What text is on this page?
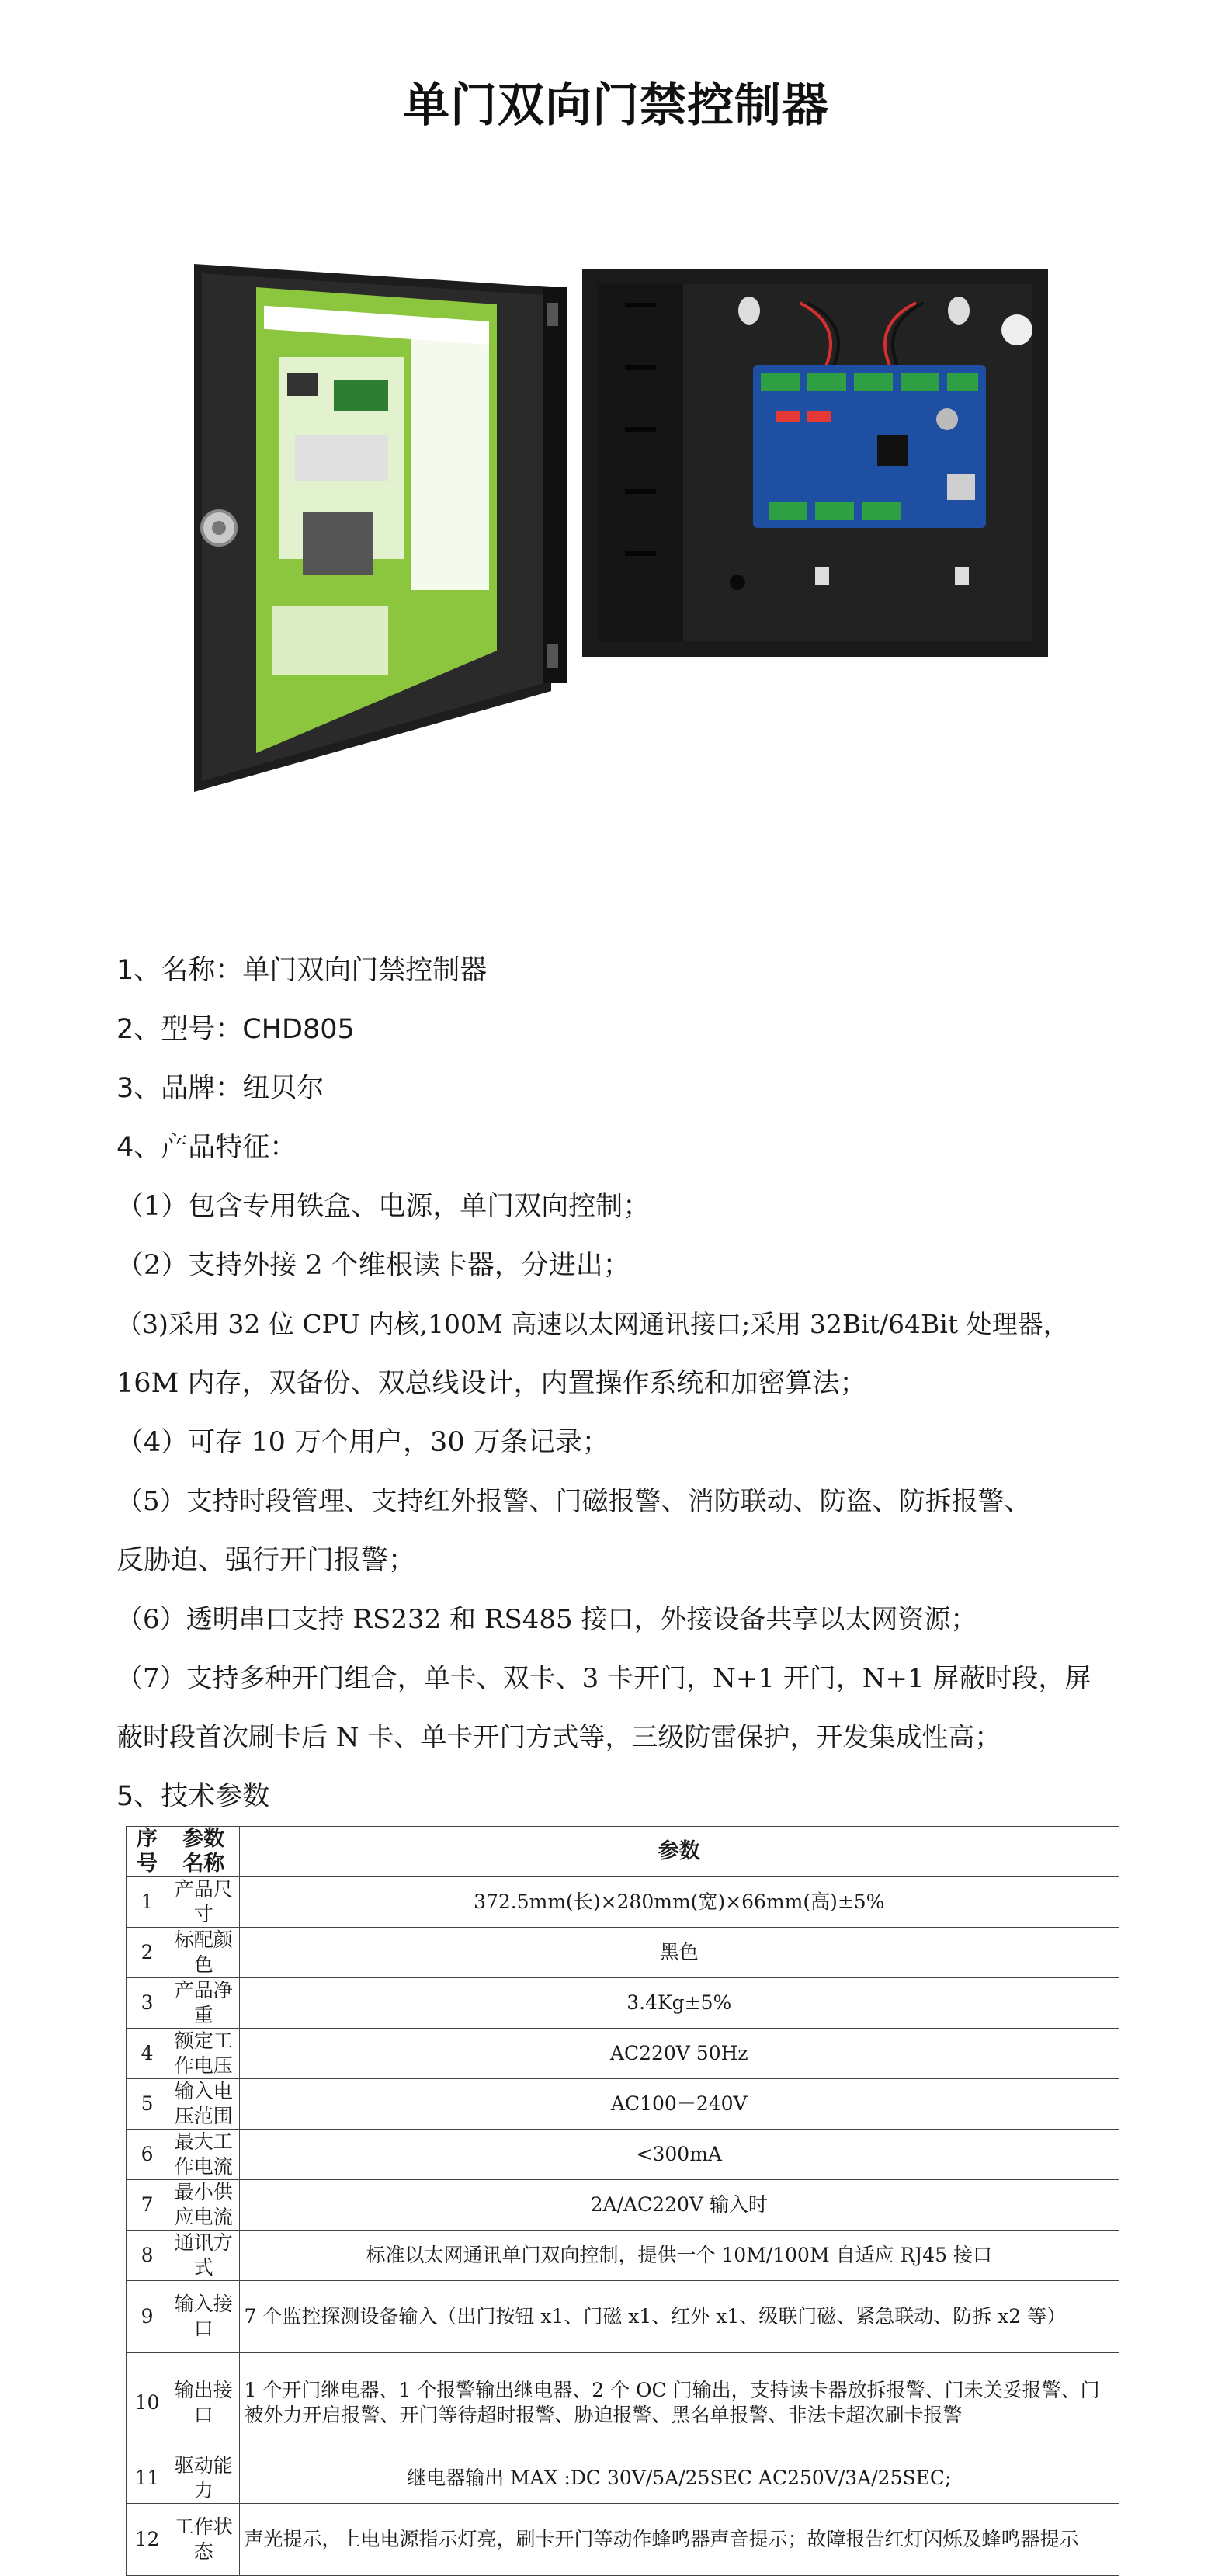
单门双向门禁控制器
1、名称：单门双向门禁控制器
2、型号：CHD805
3、品牌：纽贝尔
4、产品特征：
（1）包含专用铁盒、电源，单门双向控制；
（2）支持外接 2 个维根读卡器，分进出；
（3)采用 32 位 CPU 内核,100M 高速以太网通讯接口;采用 32Bit/64Bit 处理器，
16M 内存，双备份、双总线设计，内置操作系统和加密算法；
（4）可存 10 万个用户，30 万条记录；
（5）支持时段管理、支持红外报警、门磁报警、消防联动、防盗、防拆报警、
反胁迫、强行开门报警；
（6）透明串口支持 RS232 和 RS485 接口，外接设备共享以太网资源；
（7）支持多种开门组合，单卡、双卡、3 卡开门，N+1 开门，N+1 屏蔽时段，屏
蔽时段首次刷卡后 N 卡、单卡开门方式等，三级防雷保护，开发集成性高；
5、技术参数
序号	参数名称	参数
1	产品尺寸	372.5mm(长)×280mm(宽)×66mm(高)±5%
2	标配颜色	黑色
3	产品净重	3.4Kg±5%
4	额定工作电压	AC220V 50Hz
5	输入电压范围	AC100－240V
6	最大工作电流	<300mA
7	最小供应电流	2A/AC220V 输入时
8	通讯方式	标准以太网通讯单门双向控制，提供一个 10M/100M 自适应 RJ45 接口
9	输入接口	7 个监控探测设备输入（出门按钮 x1、门磁 x1、红外 x1、级联门磁、紧急联动、防拆 x2 等）
10	输出接口	1 个开门继电器、1 个报警输出继电器、2 个 OC 门输出，支持读卡器放拆报警、门未关妥报警、门被外力开启报警、开门等待超时报警、胁迫报警、黑名单报警、非法卡超次刷卡报警
11	驱动能力	继电器输出 MAX :DC 30V/5A/25SEC AC250V/3A/25SEC;
12	工作状态	声光提示，上电电源指示灯亮，刷卡开门等动作蜂鸣器声音提示；故障报告红灯闪烁及蜂鸣器提示
